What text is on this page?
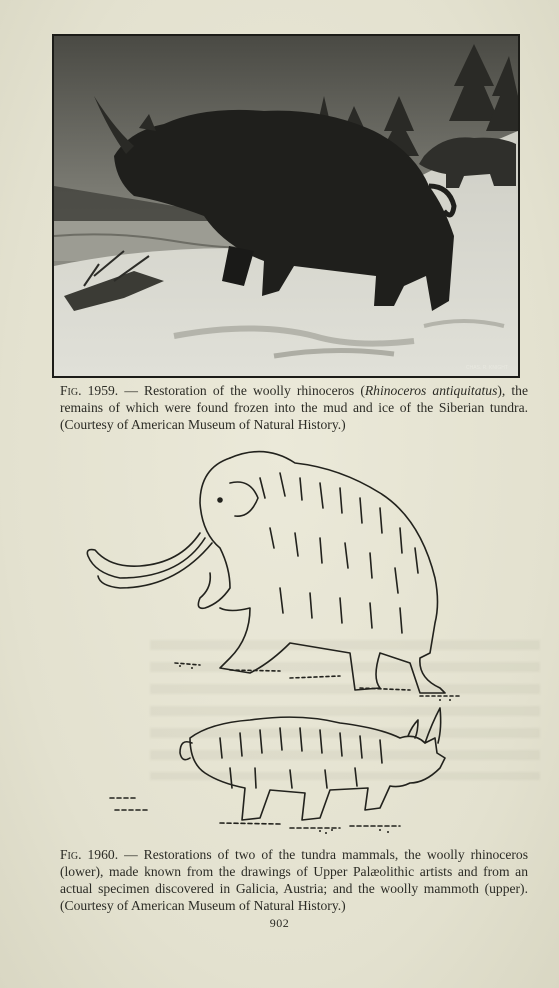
CHAS. R. KNIGHT
Fig. 1959. — Restoration of the woolly rhinoceros (Rhinoceros antiquitatus), the remains of which were found frozen into the mud and ice of the Siberian tundra. (Courtesy of American Museum of Natural History.)
Fig. 1960. — Restorations of two of the tundra mammals, the woolly rhinoceros (lower), made known from the drawings of Upper Palæolithic artists and from an actual specimen discovered in Galicia, Austria; and the woolly mammoth (upper). (Courtesy of American Museum of Natural History.)
902
